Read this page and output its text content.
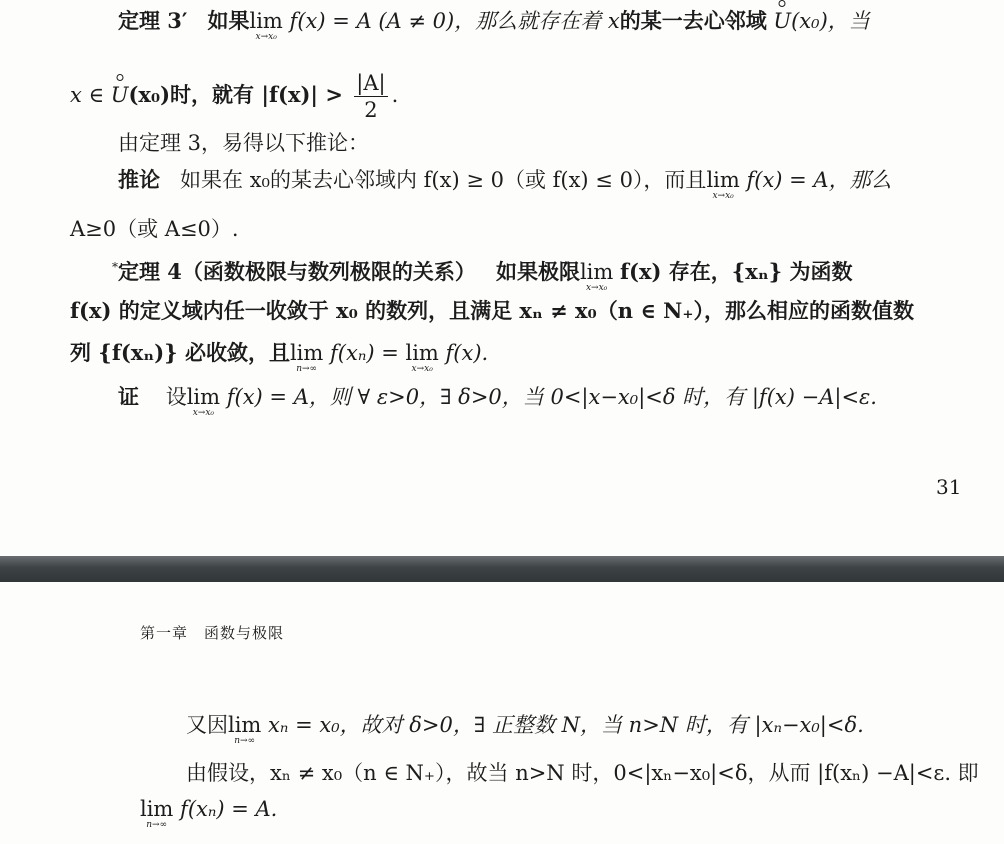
定理 3′ 如果lim
x→x₀
f(x) = A (A ≠ 0)，那么就存在着 x的某一去心邻域 U(x₀)，当
x ∈ U(x₀)时，就有 $|f(x)| > \frac{|A|}{2}$ .
由定理 3，易得以下推论：
推论 如果在 x₀的某去心邻域内 f(x) ≥ 0（或 f(x) ≤ 0），而且lim
x→x₀
f(x) = A，那么
A≥0（或 A≤0）.
*定理 4（函数极限与数列极限的关系） 如果极限lim
x→x₀
f(x) 存在，{xₙ} 为函数
f(x) 的定义域内任一收敛于 x₀ 的数列，且满足 xₙ ≠ x₀（n ∈ N₊），那么相应的函数值数
列 {f(xₙ)} 必收敛，且lim
n→∞
f(xₙ) = lim
x→x₀
f(x).
证 设lim
x→x₀
f(x) = A，则 ∀ ε>0，∃ δ>0，当 0<|x−x₀|<δ 时，有 |f(x) −A|<ε.
31
第一章　函数与极限
又因lim
n→∞
xₙ = x₀，故对 δ>0，∃ 正整数 N，当 n>N 时，有 |xₙ−x₀|<δ.
由假设，xₙ ≠ x₀（n ∈ N₊），故当 n>N 时，0<|xₙ−x₀|<δ，从而 |f(xₙ) −A|<ε. 即
lim
n→∞
f(xₙ) = A.
